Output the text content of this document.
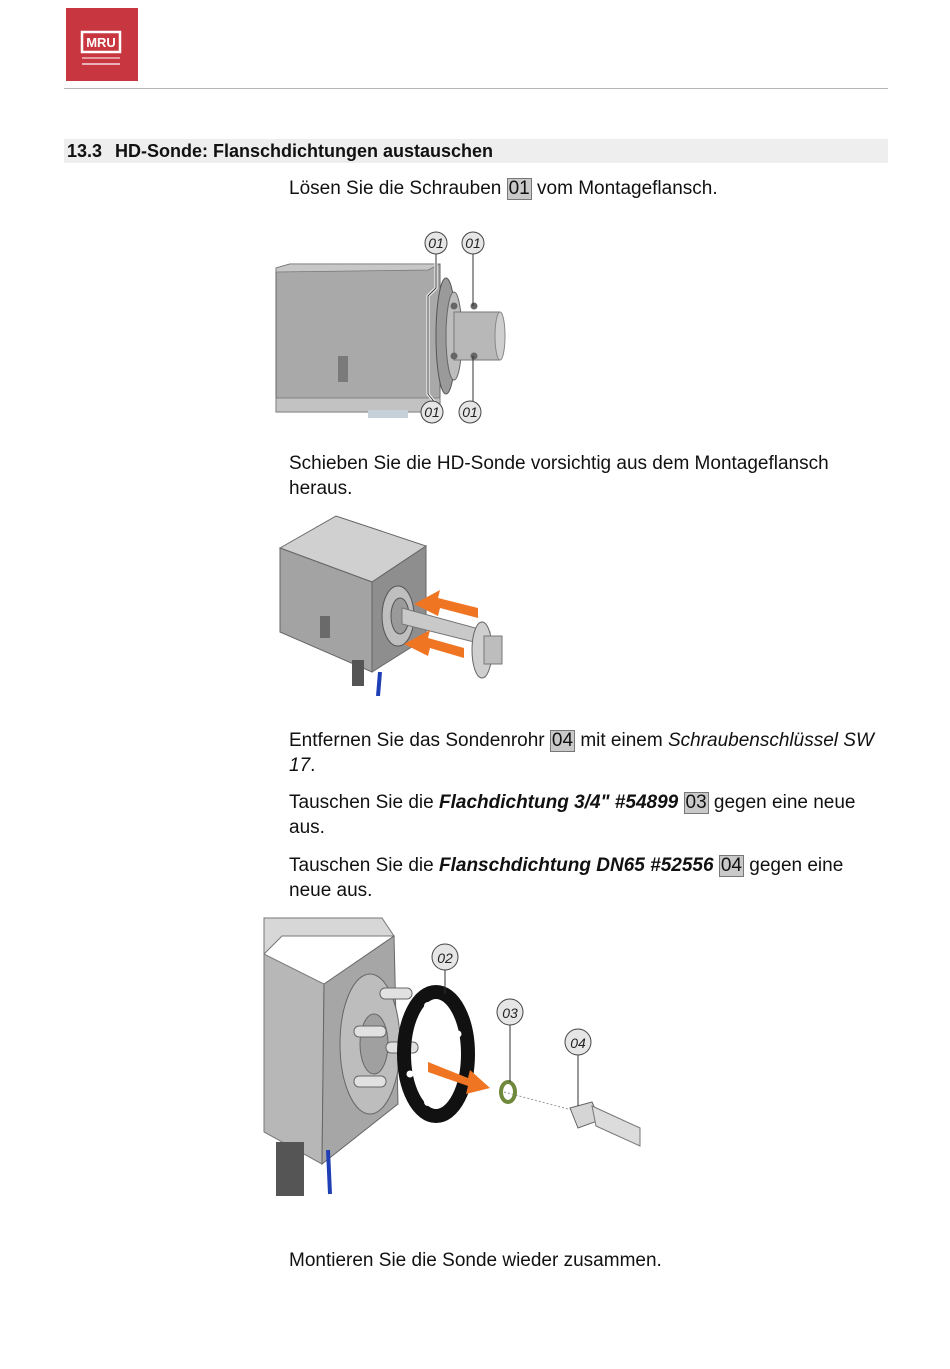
MRU
13.3 HD-Sonde: Flanschdichtungen austauschen

Lösen Sie die Schrauben 01 vom Montageflansch.

01 01
01 01

Schieben Sie die HD-Sonde vorsichtig aus dem Montageflansch heraus.

Entfernen Sie das Sondenrohr 04 mit einem Schraubenschlüssel SW 17.

Tauschen Sie die Flachdichtung 3/4" #54899 03 gegen eine neue aus.

Tauschen Sie die Flanschdichtung DN65 #52556 04 gegen eine neue aus.

02
03
04

Montieren Sie die Sonde wieder zusammen.
